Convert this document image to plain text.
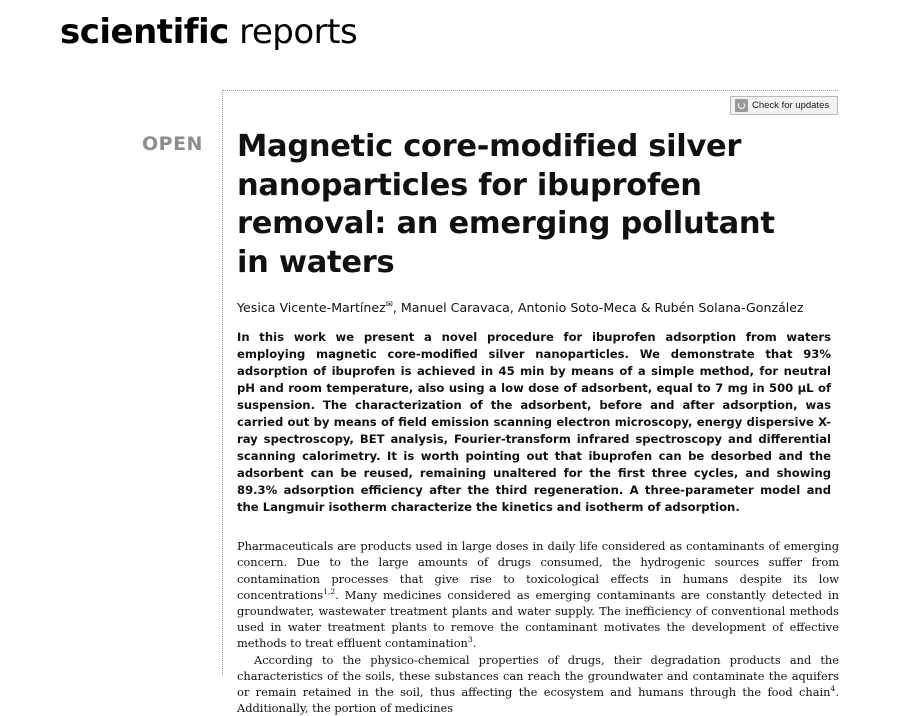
scientific reports
Check for updates
OPEN Magnetic core-modified silver nanoparticles for ibuprofen removal: an emerging pollutant in waters
Yesica Vicente-Martínez✉, Manuel Caravaca, Antonio Soto-Meca & Rubén Solana-González
In this work we present a novel procedure for ibuprofen adsorption from waters employing magnetic core-modified silver nanoparticles. We demonstrate that 93% adsorption of ibuprofen is achieved in 45 min by means of a simple method, for neutral pH and room temperature, also using a low dose of adsorbent, equal to 7 mg in 500 µL of suspension. The characterization of the adsorbent, before and after adsorption, was carried out by means of field emission scanning electron microscopy, energy dispersive X-ray spectroscopy, BET analysis, Fourier-transform infrared spectroscopy and differential scanning calorimetry. It is worth pointing out that ibuprofen can be desorbed and the adsorbent can be reused, remaining unaltered for the first three cycles, and showing 89.3% adsorption efficiency after the third regeneration. A three-parameter model and the Langmuir isotherm characterize the kinetics and isotherm of adsorption.

Pharmaceuticals are products used in large doses in daily life considered as contaminants of emerging concern. Due to the large amounts of drugs consumed, the hydrogenic sources suffer from contamination processes that give rise to toxicological effects in humans despite its low concentrations$^{1,2}$. Many medicines considered as emerging contaminants are constantly detected in groundwater, wastewater treatment plants and water supply. The inefficiency of conventional methods used in water treatment plants to remove the contaminant motivates the development of effective methods to treat effluent contamination$^3$.

According to the physico-chemical properties of drugs, their degradation products and the characteristics of the soils, these substances can reach the groundwater and contaminate the aquifers or remain retained in the soil, thus affecting the ecosystem and humans through the food chain$^4$. Additionally, the portion of medicines
